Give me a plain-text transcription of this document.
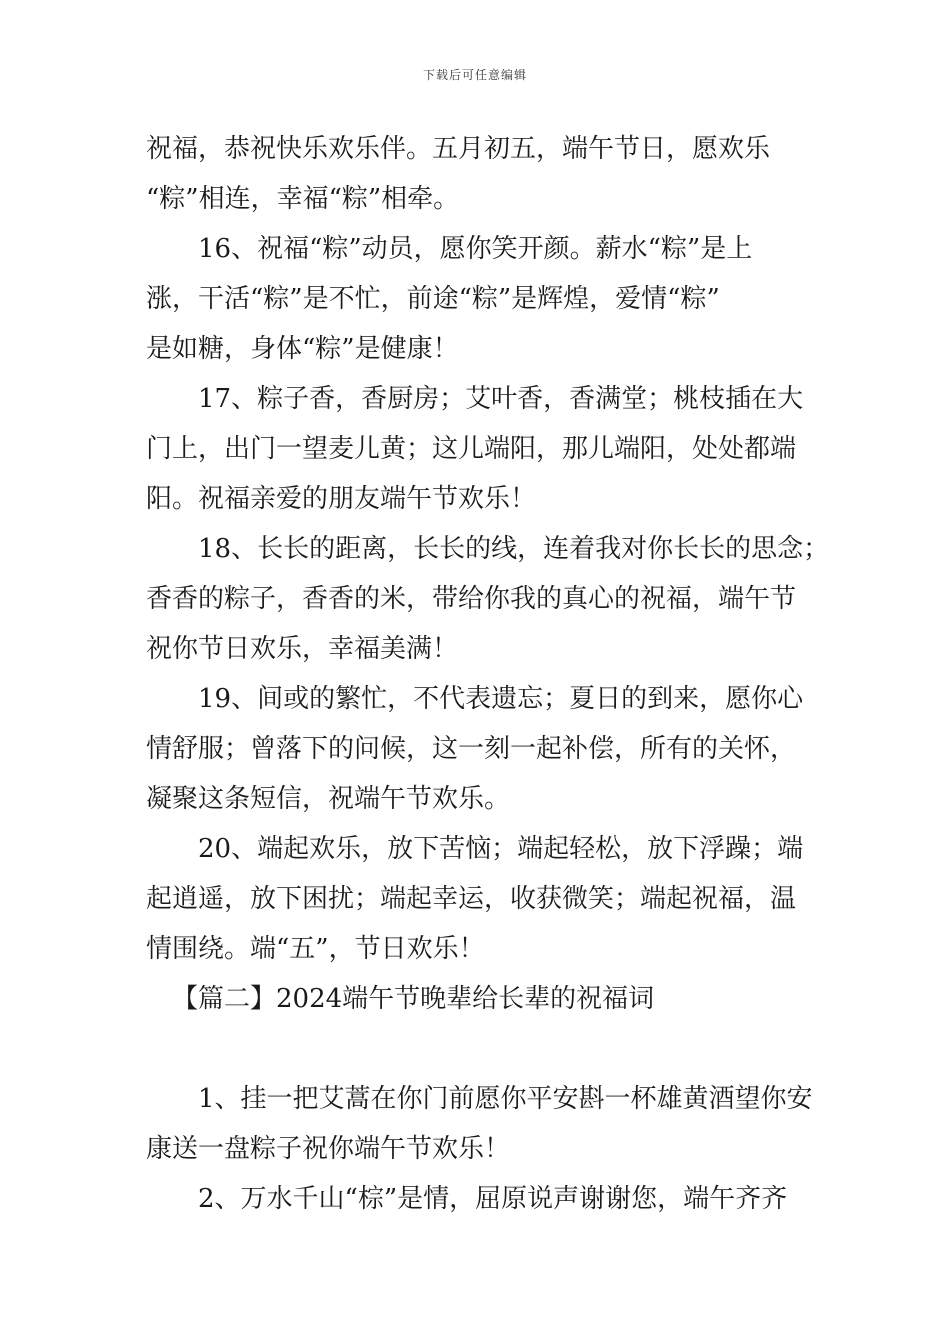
下载后可任意编辑

祝福，恭祝快乐欢乐伴。五月初五，端午节日，愿欢乐
“粽”相连，幸福“粽”相牵。

16、祝福“粽”动员，愿你笑开颜。薪水“粽”是上
涨，干活“粽”是不忙，前途“粽”是辉煌，爱情“粽”
是如糖，身体“粽”是健康！

17、粽子香，香厨房；艾叶香，香满堂；桃枝插在大
门上，出门一望麦儿黄；这儿端阳，那儿端阳，处处都端
阳。祝福亲爱的朋友端午节欢乐！

18、长长的距离，长长的线，连着我对你长长的思念；
香香的粽子，香香的米，带给你我的真心的祝福，端午节
祝你节日欢乐，幸福美满！

19、间或的繁忙，不代表遗忘；夏日的到来，愿你心
情舒服；曾落下的问候，这一刻一起补偿，所有的关怀，
凝聚这条短信，祝端午节欢乐。

20、端起欢乐，放下苦恼；端起轻松，放下浮躁；端
起逍遥，放下困扰；端起幸运，收获微笑；端起祝福，温
情围绕。端“五”，节日欢乐！

【篇二】2024端午节晚辈给长辈的祝福词

1、挂一把艾蒿在你门前愿你平安斟一杯雄黄酒望你安
康送一盘粽子祝你端午节欢乐！

2、万水千山“棕”是情，屈原说声谢谢您，端午齐齐
